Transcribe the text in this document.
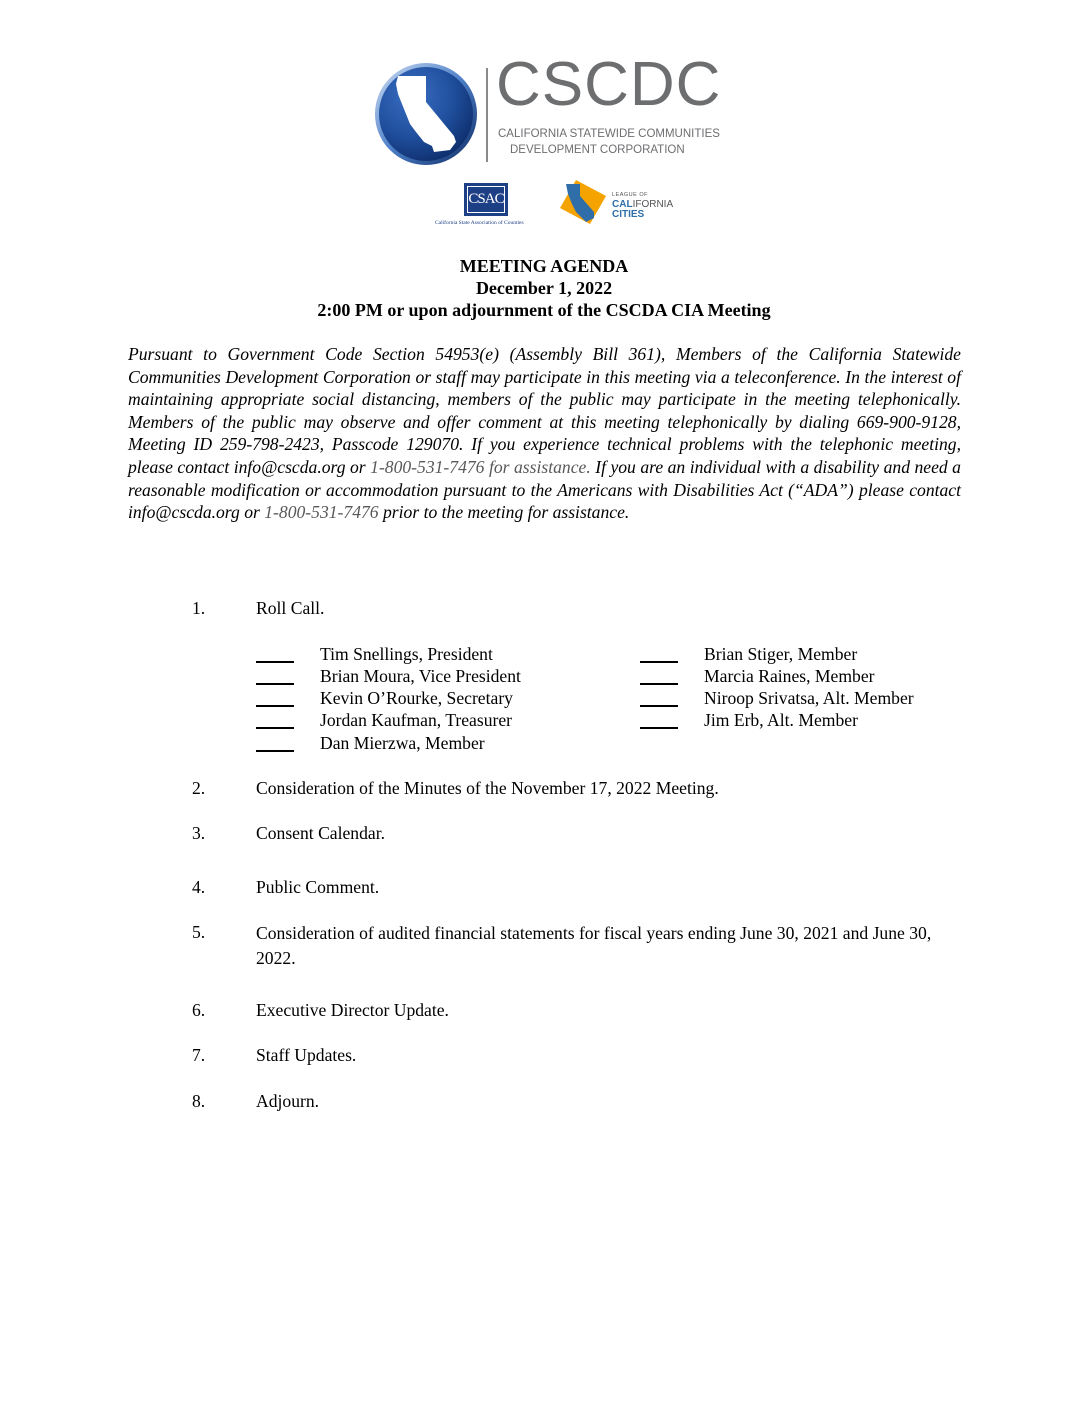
CSCDC
CALIFORNIA STATEWIDE COMMUNITIES
DEVELOPMENT CORPORATION
CSAC
California State Association of Counties
LEAGUE OF
CALIFORNIA
CITIES
MEETING AGENDA
December 1, 2022
2:00 PM or upon adjournment of the CSCDA CIA Meeting
Pursuant to Government Code Section 54953(e) (Assembly Bill 361), Members of the California Statewide Communities Development Corporation or staff may participate in this meeting via a teleconference. In the interest of maintaining appropriate social distancing, members of the public may participate in the meeting telephonically. Members of the public may observe and offer comment at this meeting telephonically by dialing 669-900-9128, Meeting ID 259-798-2423, Passcode 129070. If you experience technical problems with the telephonic meeting, please contact info@cscda.org or 1-800-531-7476 for assistance. If you are an individual with a disability and need a reasonable modification or accommodation pursuant to the Americans with Disabilities Act (“ADA”) please contact info@cscda.org or 1-800-531-7476 prior to the meeting for assistance.
1.	Roll Call.
Tim Snellings, President
Brian Moura, Vice President
Kevin O’Rourke, Secretary
Jordan Kaufman, Treasurer
Dan Mierzwa, Member
Brian Stiger, Member
Marcia Raines, Member
Niroop Srivatsa, Alt. Member
Jim Erb, Alt. Member
2.	Consideration of the Minutes of the November 17, 2022 Meeting.
3.	Consent Calendar.
4.	Public Comment.
5.	Consideration of audited financial statements for fiscal years ending June 30, 2021 and June 30, 2022.
6.	Executive Director Update.
7.	Staff Updates.
8.	Adjourn.
